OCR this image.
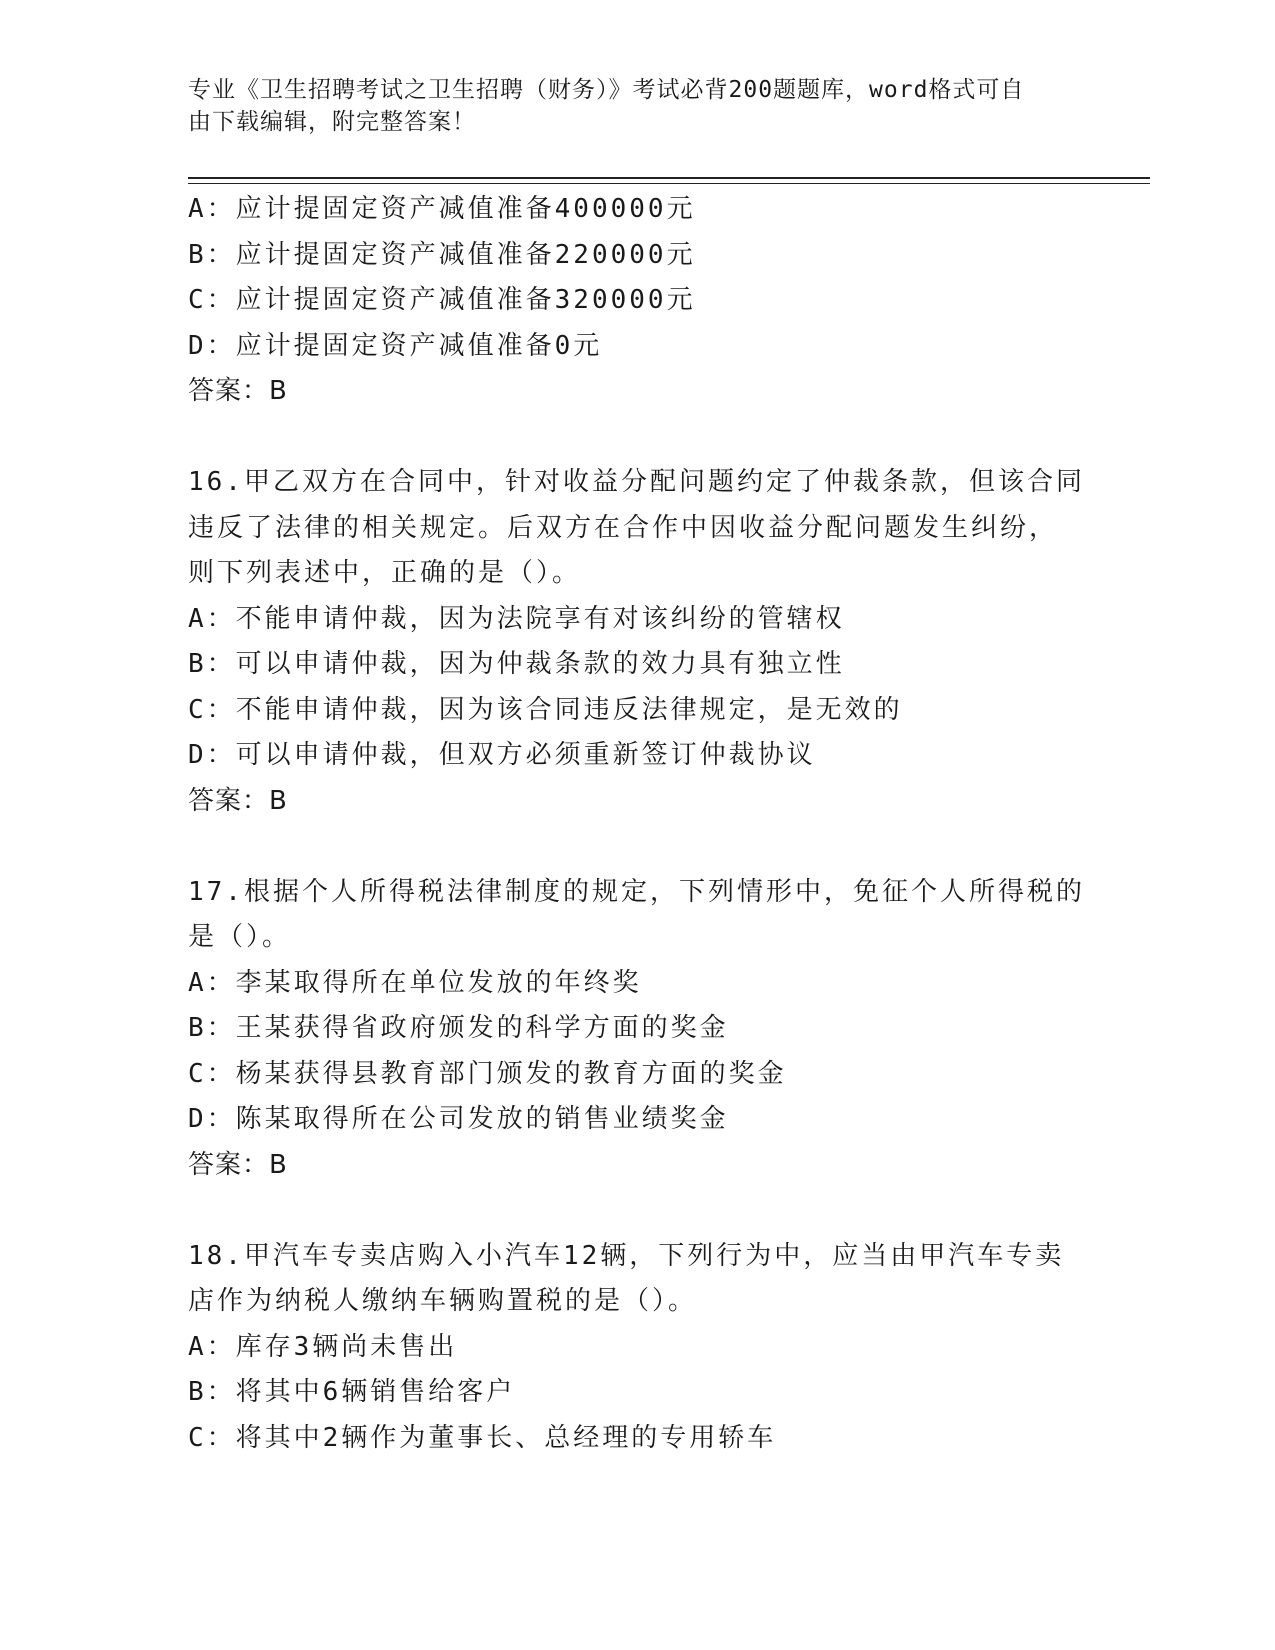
专业《卫生招聘考试之卫生招聘（财务）》考试必背200题题库，word格式可自
由下载编辑，附完整答案！
A：应计提固定资产减值准备400000元
B：应计提固定资产减值准备220000元
C：应计提固定资产减值准备320000元
D：应计提固定资产减值准备0元
答案：B
16.甲乙双方在合同中，针对收益分配问题约定了仲裁条款，但该合同
违反了法律的相关规定。后双方在合作中因收益分配问题发生纠纷，
则下列表述中，正确的是（）。
A：不能申请仲裁，因为法院享有对该纠纷的管辖权
B：可以申请仲裁，因为仲裁条款的效力具有独立性
C：不能申请仲裁，因为该合同违反法律规定，是无效的
D：可以申请仲裁，但双方必须重新签订仲裁协议
答案：B
17.根据个人所得税法律制度的规定，下列情形中，免征个人所得税的
是（）。
A：李某取得所在单位发放的年终奖
B：王某获得省政府颁发的科学方面的奖金
C：杨某获得县教育部门颁发的教育方面的奖金
D：陈某取得所在公司发放的销售业绩奖金
答案：B
18.甲汽车专卖店购入小汽车12辆，下列行为中，应当由甲汽车专卖
店作为纳税人缴纳车辆购置税的是（）。
A：库存3辆尚未售出
B：将其中6辆销售给客户
C：将其中2辆作为董事长、总经理的专用轿车
